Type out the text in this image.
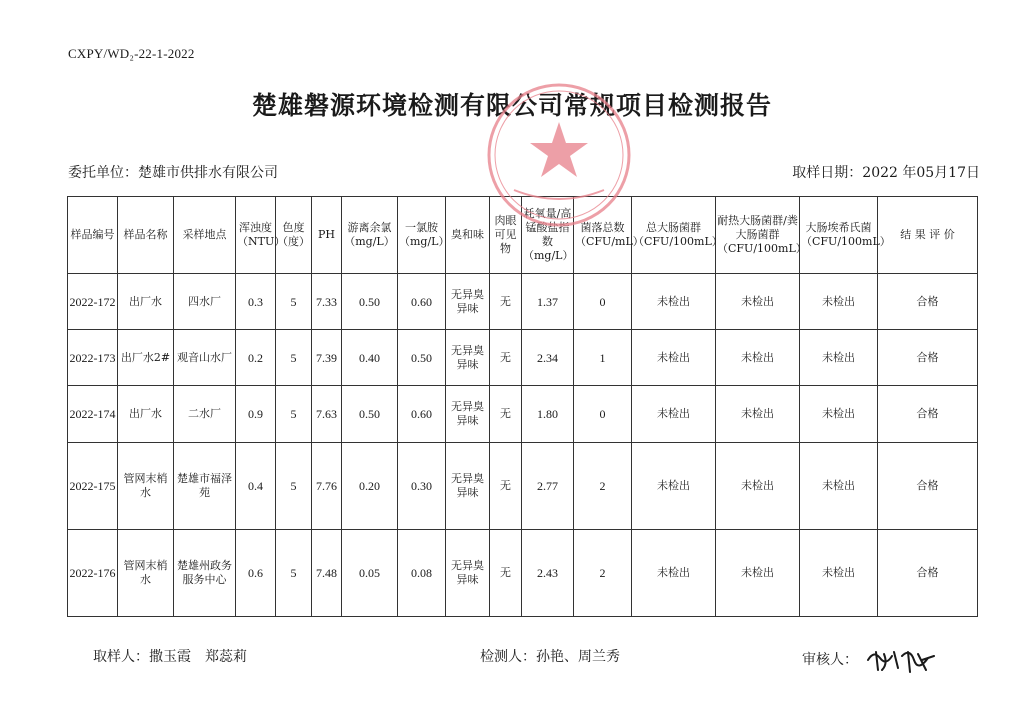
CXPY/WD₂-22-1-2022
楚雄磐源环境检测有限公司常规项目检测报告
委托单位：楚雄市供排水有限公司	取样日期：2022 年05月17日
样品编号	样品名称	采样地点	浑浊度（NTU）	色度（度）	PH	游离余氯（mg/L）	一氯胺（mg/L）	臭和味	肉眼可见物	耗氧量/高锰酸盐指数（mg/L）	菌落总数（CFU/mL）	总大肠菌群（CFU/100mL）	耐热大肠菌群/粪大肠菌群（CFU/100mL）	大肠埃希氏菌（CFU/100mL）	结 果 评 价
2022-172	出厂水	四水厂	0.3	5	7.33	0.50	0.60	无异臭异味	无	1.37	0	未检出	未检出	未检出	合格
2022-173	出厂水2#	观音山水厂	0.2	5	7.39	0.40	0.50	无异臭异味	无	2.34	1	未检出	未检出	未检出	合格
2022-174	出厂水	二水厂	0.9	5	7.63	0.50	0.60	无异臭异味	无	1.80	0	未检出	未检出	未检出	合格
2022-175	管网末梢水	楚雄市福泽苑	0.4	5	7.76	0.20	0.30	无异臭异味	无	2.77	2	未检出	未检出	未检出	合格
2022-176	管网末梢水	楚雄州政务服务中心	0.6	5	7.48	0.05	0.08	无异臭异味	无	2.43	2	未检出	未检出	未检出	合格
取样人：撒玉霞　郑蕊莉	检测人：孙艳、周兰秀	审核人：
